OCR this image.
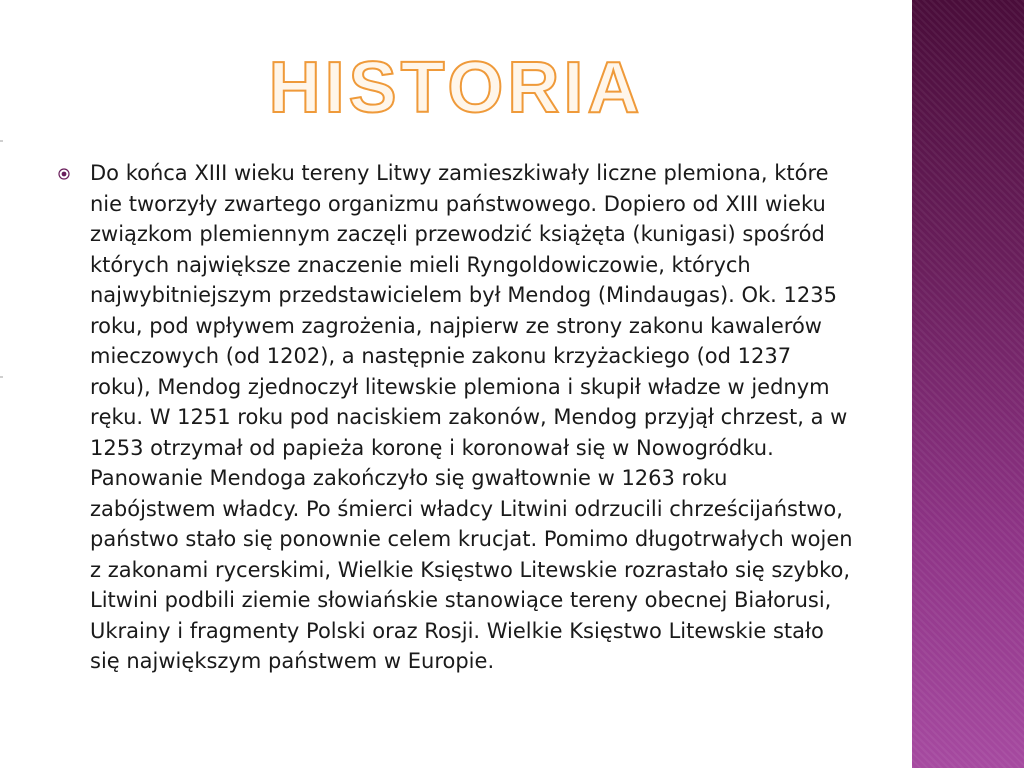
HISTORIA

Do końca XIII wieku tereny Litwy zamieszkiwały liczne plemiona, które nie tworzyły zwartego organizmu państwowego. Dopiero od XIII wieku związkom plemiennym zaczęli przewodzić książęta (kunigasi) spośród których największe znaczenie mieli Ryngoldowiczowie, których najwybitniejszym przedstawicielem był Mendog (Mindaugas). Ok. 1235 roku, pod wpływem zagrożenia, najpierw ze strony zakonu kawalerów mieczowych (od 1202), a następnie zakonu krzyżackiego (od 1237 roku), Mendog zjednoczył litewskie plemiona i skupił władze w jednym ręku. W 1251 roku pod naciskiem zakonów, Mendog przyjął chrzest, a w 1253 otrzymał od papieża koronę i koronował się w Nowogródku. Panowanie Mendoga zakończyło się gwałtownie w 1263 roku zabójstwem władcy. Po śmierci władcy Litwini odrzucili chrześcijaństwo, państwo stało się ponownie celem krucjat. Pomimo długotrwałych wojen z zakonami rycerskimi, Wielkie Księstwo Litewskie rozrastało się szybko, Litwini podbili ziemie słowiańskie stanowiące tereny obecnej Białorusi, Ukrainy i fragmenty Polski oraz Rosji. Wielkie Księstwo Litewskie stało się największym państwem w Europie.
